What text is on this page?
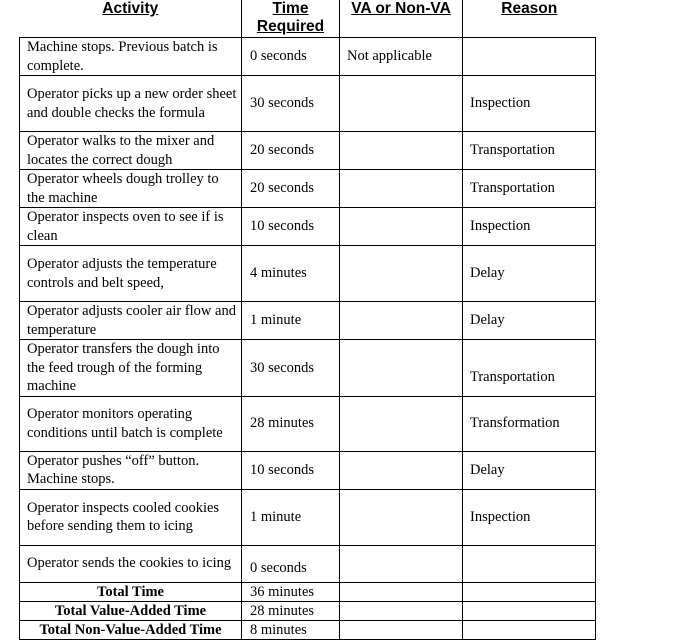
Activity	Time Required	VA or Non-VA	Reason
Machine stops. Previous batch is complete.	0 seconds	Not applicable	
Operator picks up a new order sheet and double checks the formula	30 seconds		Inspection
Operator walks to the mixer and locates the correct dough	20 seconds		Transportation
Operator wheels dough trolley to the machine	20 seconds		Transportation
Operator inspects oven to see if is clean	10 seconds		Inspection
Operator adjusts the temperature controls and belt speed,	4 minutes		Delay
Operator adjusts cooler air flow and temperature	1 minute		Delay
Operator transfers the dough into the feed trough of the forming machine	30 seconds		Transportation
Operator monitors operating conditions until batch is complete	28 minutes		Transformation
Operator pushes “off” button. Machine stops.	10 seconds		Delay
Operator inspects cooled cookies before sending them to icing	1 minute		Inspection
Operator sends the cookies to icing	0 seconds		
Total Time	36 minutes		
Total Value-Added Time	28 minutes		
Total Non-Value-Added Time	8 minutes		
